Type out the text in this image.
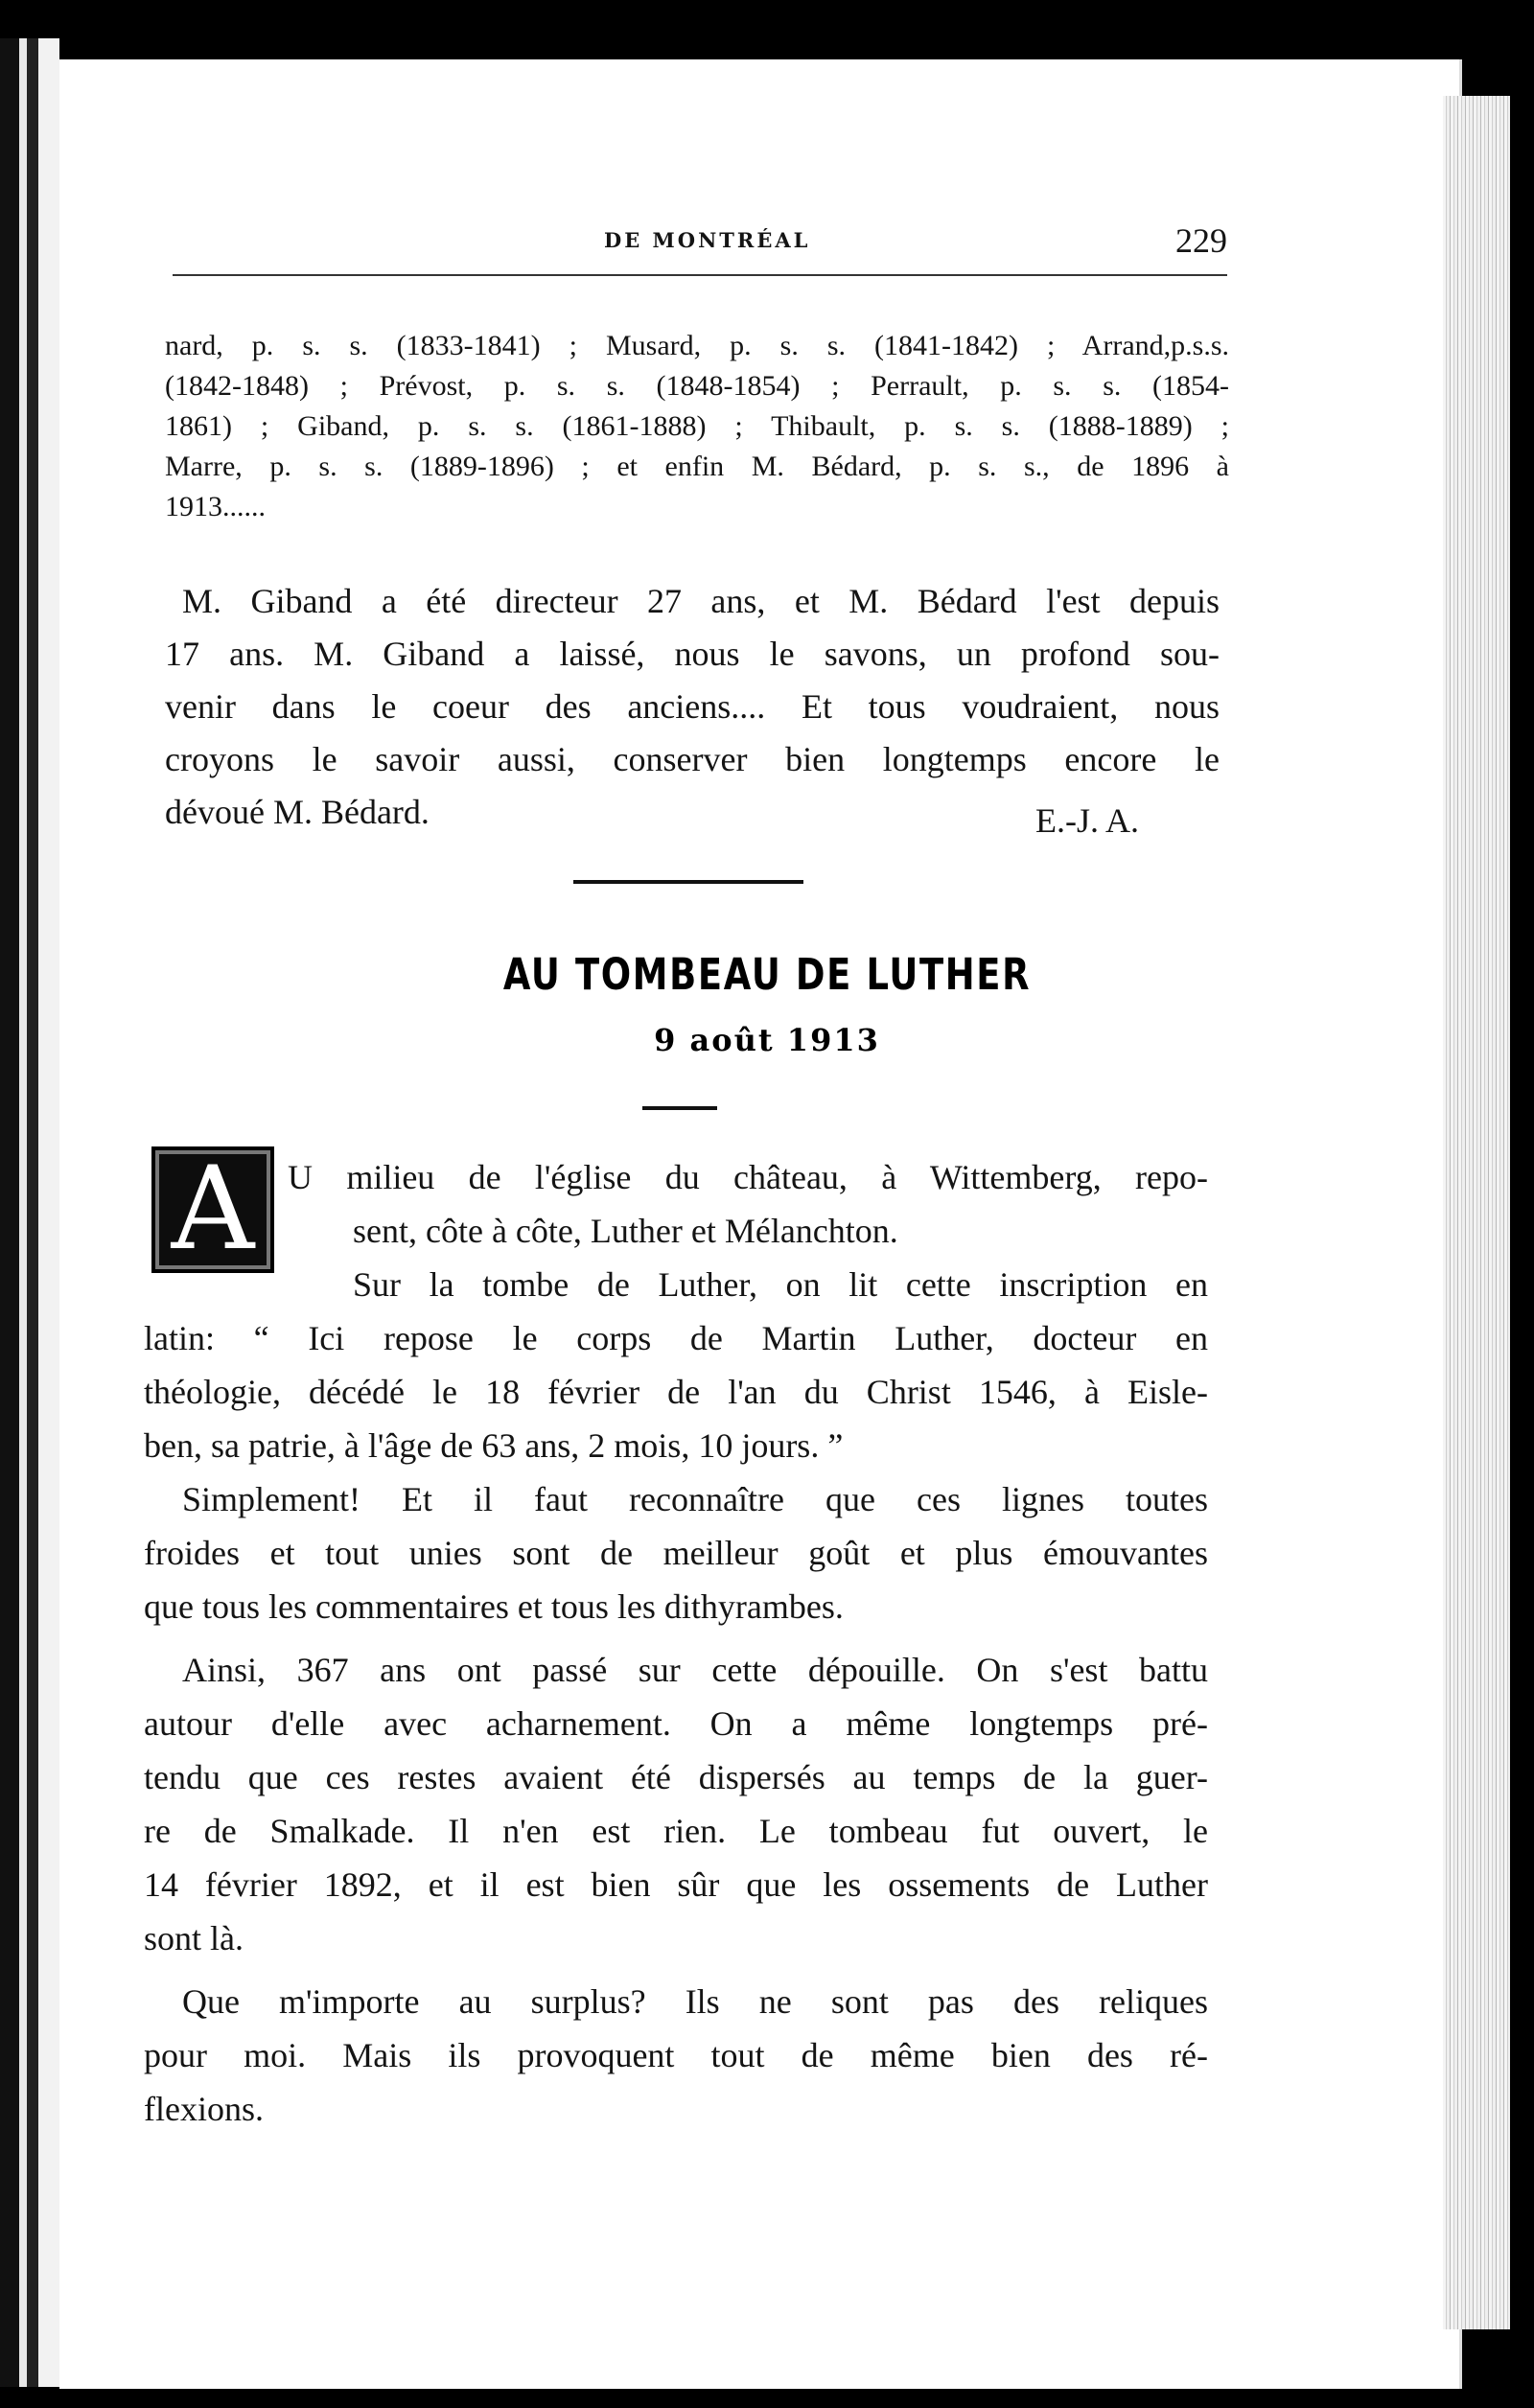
DE MONTRÉAL	229

nard, p. s. s. (1833-1841) ; Musard, p. s. s. (1841-1842) ; Arrand,p.s.s.

(1842-1848) ; Prévost, p. s. s. (1848-1854) ; Perrault, p. s. s. (1854-

1861) ; Giband, p. s. s. (1861-1888) ; Thibault, p. s. s. (1888-1889) ;

Marre, p. s. s. (1889-1896) ; et enfin M. Bédard, p. s. s., de 1896 à

1913......

M. Giband a été directeur 27 ans, et M. Bédard l'est depuis

17 ans. M. Giband a laissé, nous le savons, un profond sou-

venir dans le coeur des anciens.... Et tous voudraient, nous

croyons le savoir aussi, conserver bien longtemps encore le

dévoué M. Bédard.	E.-J. A.
AU TOMBEAU DE LUTHER
9 août 1913
A U milieu de l'église du château, à Wittemberg, repo-

sent, côte à côte, Luther et Mélanchton.

Sur la tombe de Luther, on lit cette inscription en

latin: “ Ici repose le corps de Martin Luther, docteur en

théologie, décédé le 18 février de l'an du Christ 1546, à Eisle-

ben, sa patrie, à l'âge de 63 ans, 2 mois, 10 jours. ”

Simplement! Et il faut reconnaître que ces lignes toutes

froides et tout unies sont de meilleur goût et plus émouvantes

que tous les commentaires et tous les dithyrambes.

Ainsi, 367 ans ont passé sur cette dépouille. On s'est battu

autour d'elle avec acharnement. On a même longtemps pré-

tendu que ces restes avaient été dispersés au temps de la guer-

re de Smalkade. Il n'en est rien. Le tombeau fut ouvert, le

14 février 1892, et il est bien sûr que les ossements de Luther

sont là.

Que m'importe au surplus? Ils ne sont pas des reliques

pour moi. Mais ils provoquent tout de même bien des ré-

flexions.
